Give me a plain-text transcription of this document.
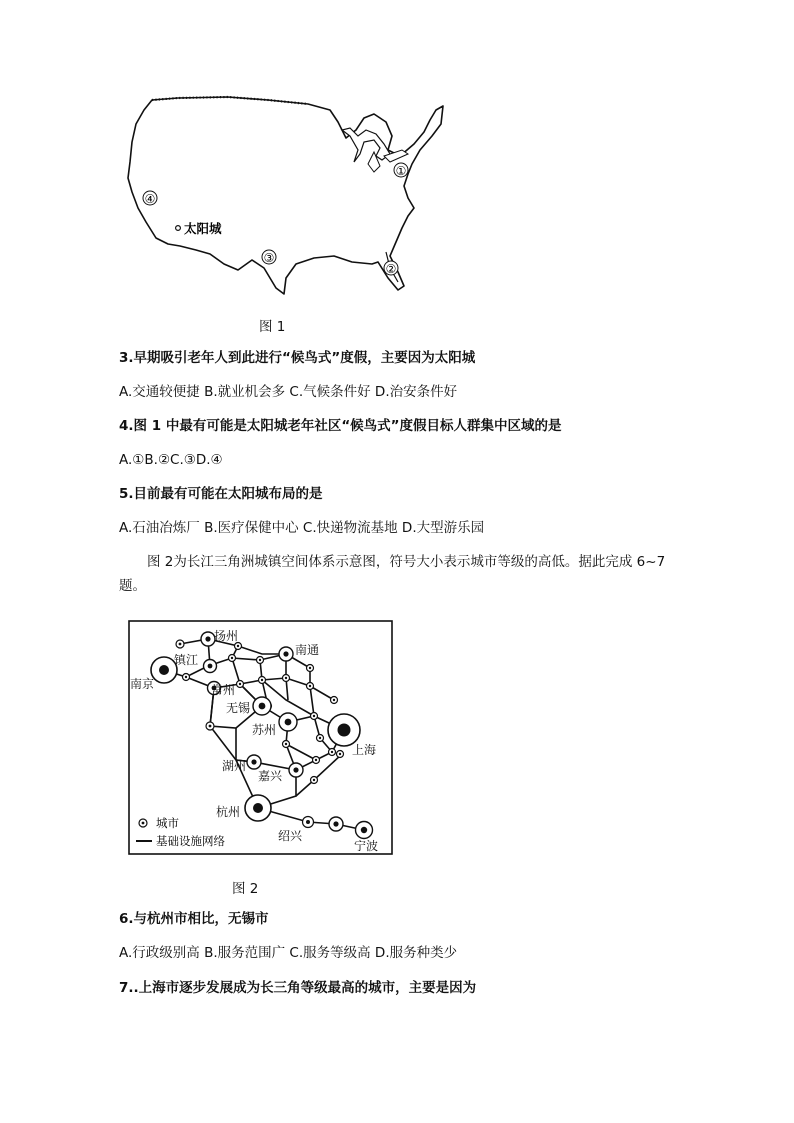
①
②
③
④
太阳城
图 1
3.早期吸引老年人到此进行“候鸟式”度假，主要因为太阳城
A.交通较便捷 B.就业机会多 C.气候条件好 D.治安条件好
4.图 1 中最有可能是太阳城老年社区“候鸟式”度假目标人群集中区域的是
A.①B.②C.③D.④
5.目前最有可能在太阳城布局的是
A.石油冶炼厂 B.医疗保健中心 C.快递物流基地 D.大型游乐园
图 2为长江三角洲城镇空间体系示意图，符号大小表示城市等级的高低。据此完成 6~7 题。
扬州
南通
镇江
南京	常州
无锡
苏州
上海
湖州
嘉兴
杭州
绍兴
宁波
城市
基础设施网络
图 2
6.与杭州市相比，无锡市
A.行政级别高 B.服务范围广 C.服务等级高 D.服务种类少
7..上海市逐步发展成为长三角等级最高的城市，主要是因为
